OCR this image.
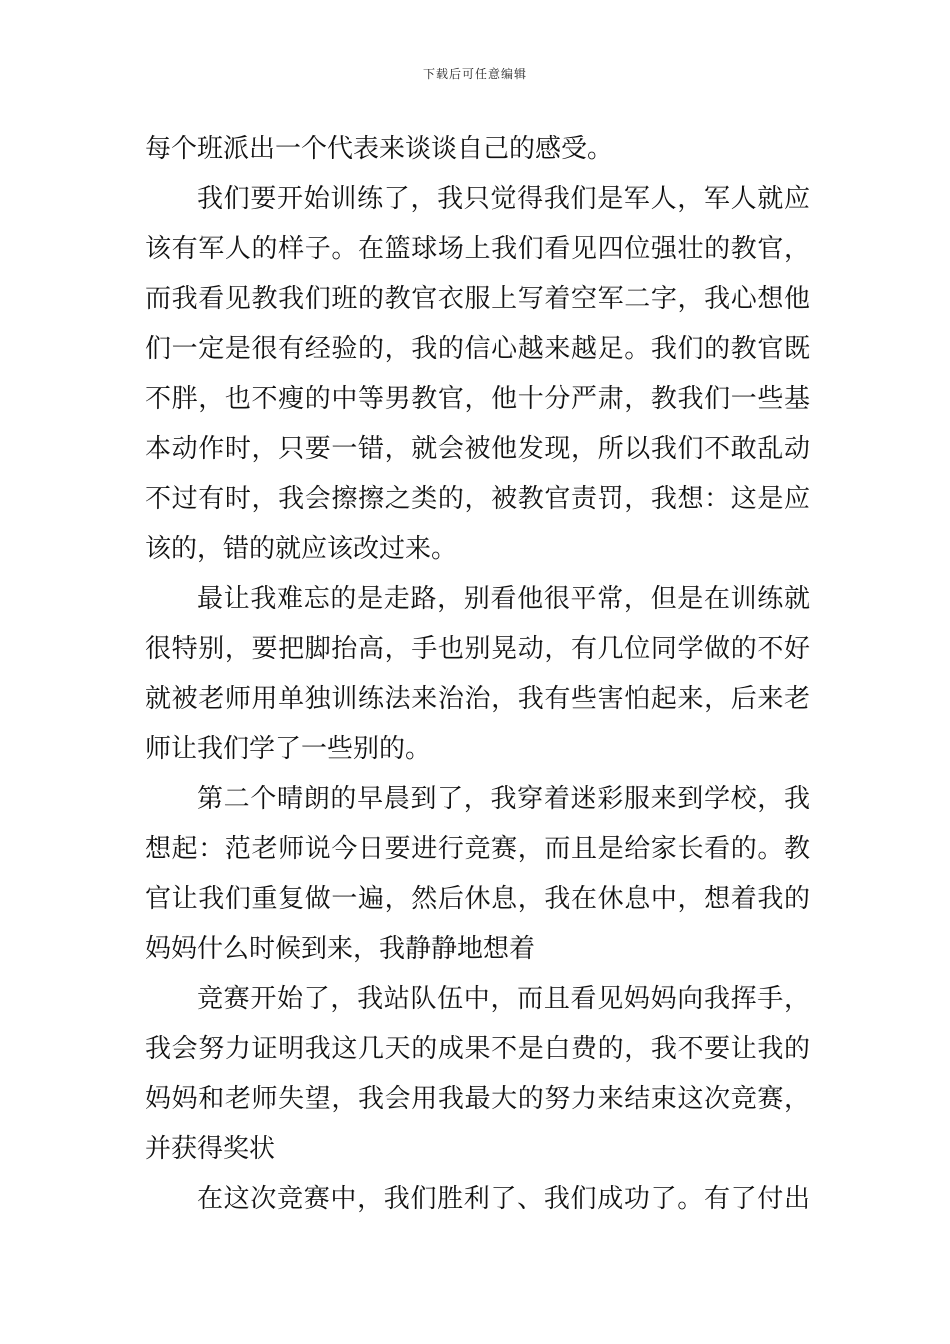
下载后可任意编辑
每个班派出一个代表来谈谈自己的感受。
我们要开始训练了，我只觉得我们是军人，军人就应
该有军人的样子。在篮球场上我们看见四位强壮的教官，
而我看见教我们班的教官衣服上写着空军二字，我心想他
们一定是很有经验的，我的信心越来越足。我们的教官既
不胖，也不瘦的中等男教官，他十分严肃，教我们一些基
本动作时，只要一错，就会被他发现，所以我们不敢乱动
不过有时，我会擦擦之类的，被教官责罚，我想：这是应
该的，错的就应该改过来。
最让我难忘的是走路，别看他很平常，但是在训练就
很特别，要把脚抬高，手也别晃动，有几位同学做的不好
就被老师用单独训练法来治治，我有些害怕起来，后来老
师让我们学了一些别的。
第二个晴朗的早晨到了，我穿着迷彩服来到学校，我
想起：范老师说今日要进行竞赛，而且是给家长看的。教
官让我们重复做一遍，然后休息，我在休息中，想着我的
妈妈什么时候到来，我静静地想着
竞赛开始了，我站队伍中，而且看见妈妈向我挥手，
我会努力证明我这几天的成果不是白费的，我不要让我的
妈妈和老师失望，我会用我最大的努力来结束这次竞赛，
并获得奖状
在这次竞赛中，我们胜利了、我们成功了。有了付出
